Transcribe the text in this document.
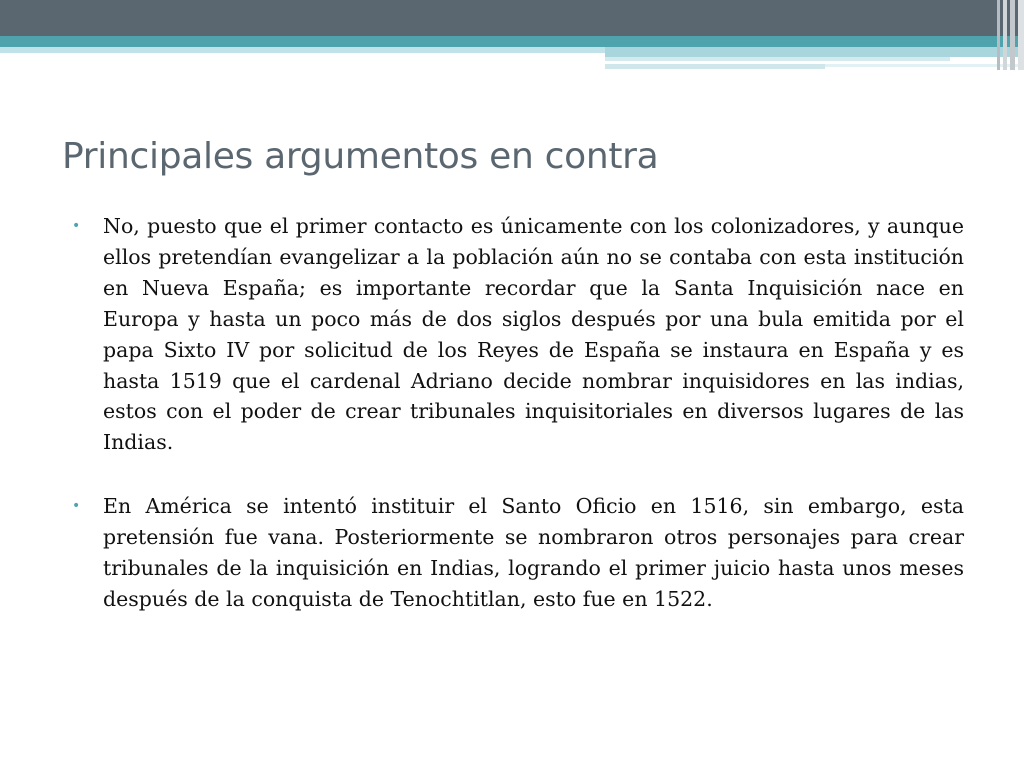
Principales argumentos en contra
• No, puesto que el primer contacto es únicamente con los colonizadores, y aunque ellos pretendían evangelizar a la población aún no se contaba con esta institución en Nueva España; es importante recordar que la Santa Inquisición nace en Europa y hasta un poco más de dos siglos después por una bula emitida por el papa Sixto IV por solicitud de los Reyes de España se instaura en España y es hasta 1519 que el cardenal Adriano decide nombrar inquisidores en las indias, estos con el poder de crear tribunales inquisitoriales en diversos lugares de las Indias.
• En América se intentó instituir el Santo Oficio en 1516, sin embargo, esta pretensión fue vana. Posteriormente se nombraron otros personajes para crear tribunales de la inquisición en Indias, logrando el primer juicio hasta unos meses después de la conquista de Tenochtitlan, esto fue en 1522.
